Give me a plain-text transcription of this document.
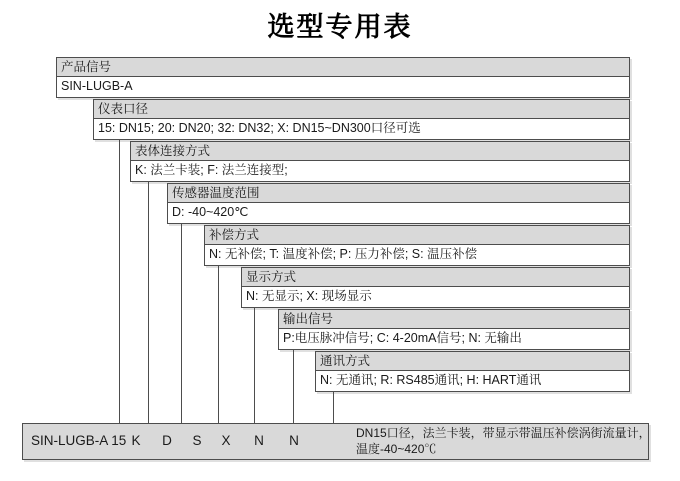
选型专用表
产品信号
SIN-LUGB-A
仪表口径
15: DN15; 20: DN20; 32: DN32; X: DN15~DN300口径可选
表体连接方式
K: 法兰卡装; F: 法兰连接型;
传感器温度范围
D: -40~420℃
补偿方式
N: 无补偿; T: 温度补偿; P: 压力补偿; S: 温压补偿
显示方式
N: 无显示; X: 现场显示
输出信号
P:电压脉冲信号; C: 4-20mA信号; N: 无输出
通讯方式
N: 无通讯; R: RS485通讯; H: HART通讯
SIN-LUGB-A 15 K	D	S	X	N	N	DN15口径，法兰卡装，带显示带温压补偿涡街流量计，
温度-40~420℃
